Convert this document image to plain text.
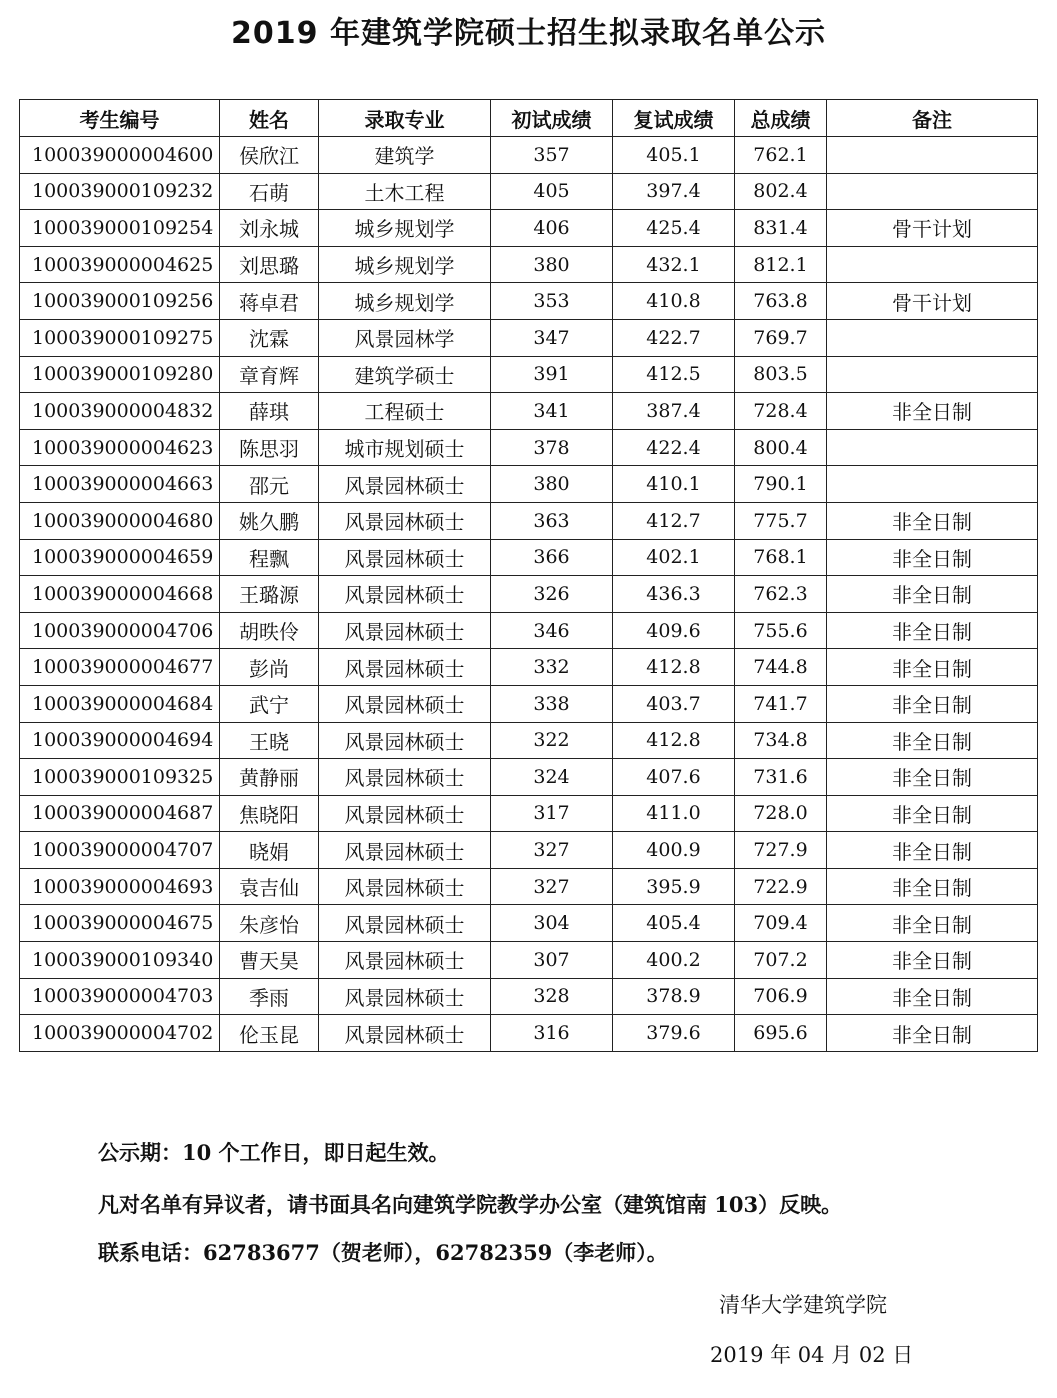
2019 年建筑学院硕士招生拟录取名单公示
考生编号	姓名	录取专业	初试成绩	复试成绩	总成绩	备注
100039000004600	侯欣江	建筑学	357	405.1	762.1	
100039000109232	石萌	土木工程	405	397.4	802.4	
100039000109254	刘永城	城乡规划学	406	425.4	831.4	骨干计划
100039000004625	刘思璐	城乡规划学	380	432.1	812.1	
100039000109256	蒋卓君	城乡规划学	353	410.8	763.8	骨干计划
100039000109275	沈霖	风景园林学	347	422.7	769.7	
100039000109280	章育辉	建筑学硕士	391	412.5	803.5	
100039000004832	薛琪	工程硕士	341	387.4	728.4	非全日制
100039000004623	陈思羽	城市规划硕士	378	422.4	800.4	
100039000004663	邵元	风景园林硕士	380	410.1	790.1	
100039000004680	姚久鹏	风景园林硕士	363	412.7	775.7	非全日制
100039000004659	程飘	风景园林硕士	366	402.1	768.1	非全日制
100039000004668	王璐源	风景园林硕士	326	436.3	762.3	非全日制
100039000004706	胡昳伶	风景园林硕士	346	409.6	755.6	非全日制
100039000004677	彭尚	风景园林硕士	332	412.8	744.8	非全日制
100039000004684	武宁	风景园林硕士	338	403.7	741.7	非全日制
100039000004694	王晓	风景园林硕士	322	412.8	734.8	非全日制
100039000109325	黄静丽	风景园林硕士	324	407.6	731.6	非全日制
100039000004687	焦晓阳	风景园林硕士	317	411.0	728.0	非全日制
100039000004707	晓娟	风景园林硕士	327	400.9	727.9	非全日制
100039000004693	袁吉仙	风景园林硕士	327	395.9	722.9	非全日制
100039000004675	朱彦怡	风景园林硕士	304	405.4	709.4	非全日制
100039000109340	曹天昊	风景园林硕士	307	400.2	707.2	非全日制
100039000004703	季雨	风景园林硕士	328	378.9	706.9	非全日制
100039000004702	伦玉昆	风景园林硕士	316	379.6	695.6	非全日制
公示期：10 个工作日，即日起生效。
凡对名单有异议者，请书面具名向建筑学院教学办公室（建筑馆南 103）反映。
联系电话：62783677（贺老师），62782359（李老师）。
清华大学建筑学院
2019 年 04 月 02 日
